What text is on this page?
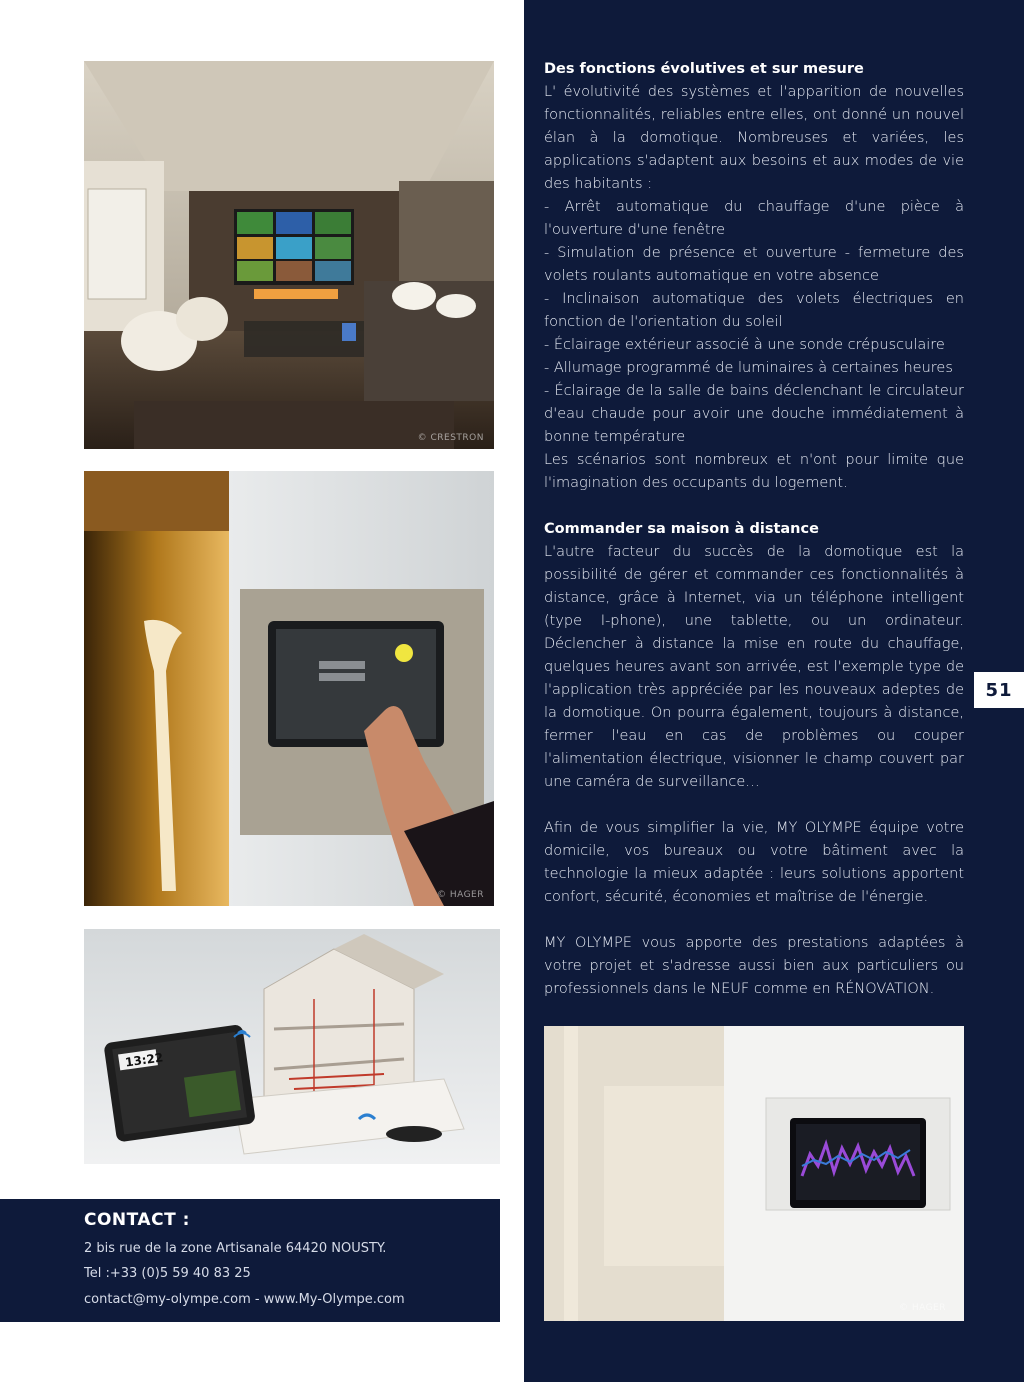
© CRESTRON
© HAGER
13:22
Des fonctions évolutives et sur mesure

L' évolutivité des systèmes et l'apparition de nouvelles fonctionnalités, reliables entre elles, ont donné un nouvel élan à la domotique. Nombreuses et variées, les applications s'adaptent aux besoins et aux modes de vie des habitants :

- Arrêt automatique du chauffage d'une pièce à l'ouverture d'une fenêtre

- Simulation de présence et ouverture - fermeture des volets roulants automatique en votre absence

- Inclinaison automatique des volets électriques en fonction de l'orientation du soleil

- Éclairage extérieur associé à une sonde crépusculaire

- Allumage programmé de luminaires à certaines heures

- Éclairage de la salle de bains déclenchant le circulateur d'eau chaude pour avoir une douche immédiatement à bonne température

Les scénarios sont nombreux et n'ont pour limite que l'imagination des occupants du logement.

Commander sa maison à distance

L'autre facteur du succès de la domotique est la possibilité de gérer et commander ces fonctionnalités à distance, grâce à Internet, via un téléphone intelligent (type I-phone), une tablette, ou un ordinateur. Déclencher à distance la mise en route du chauffage, quelques heures avant son arrivée, est l'exemple type de l'application très appréciée par les nouveaux adeptes de la domotique. On pourra également, toujours à distance, fermer l'eau en cas de problèmes ou couper l'alimentation électrique, visionner le champ couvert par une caméra de surveillance…

Afin de vous simplifier la vie, MY OLYMPE équipe votre domicile, vos bureaux ou votre bâtiment avec la technologie la mieux adaptée : leurs solutions apportent confort, sécurité, économies et maîtrise de l'énergie.

MY OLYMPE vous apporte des prestations adaptées à votre projet et s'adresse aussi bien aux particuliers ou professionnels dans le NEUF comme en RÉNOVATION.

51
© HAGER
CONTACT :
2 bis rue de la zone Artisanale 64420 NOUSTY.
Tel :+33 (0)5 59 40 83 25
contact@my-olympe.com - www.My-Olympe.com
